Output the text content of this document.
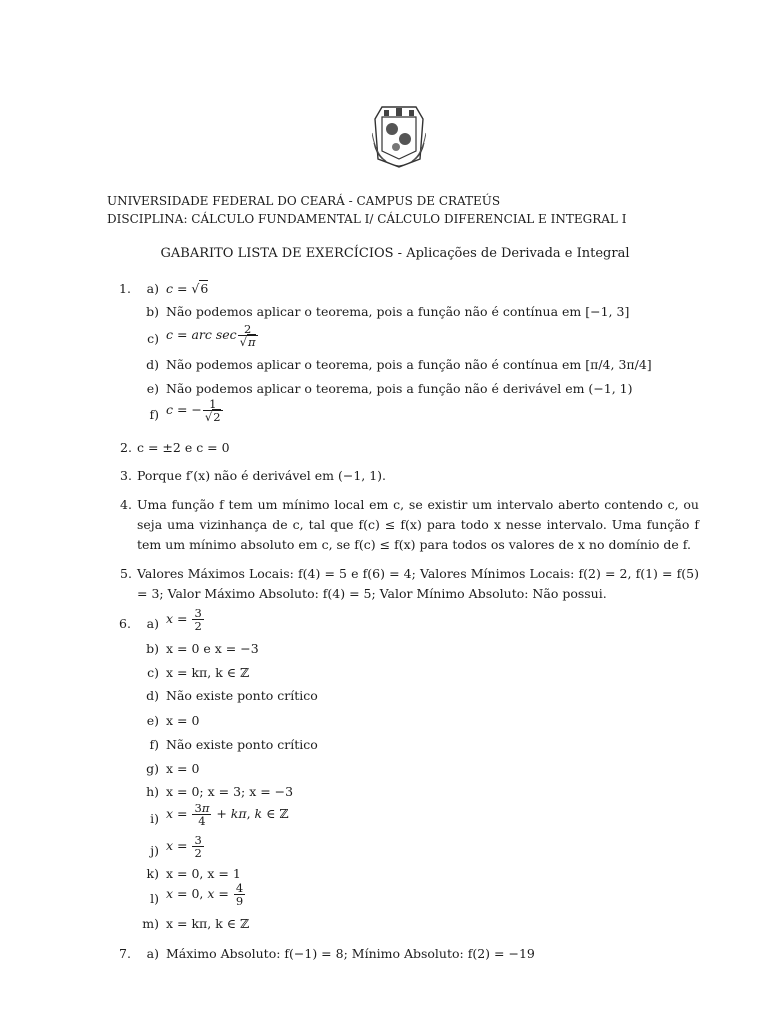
UNIVERSIDADE FEDERAL DO CEARÁ - CAMPUS DE CRATEÚS
DISCIPLINA: CÁLCULO FUNDAMENTAL I/ CÁLCULO DIFERENCIAL E INTEGRAL I
GABARITO LISTA DE EXERCÍCIOS - Aplicações de Derivada e Integral
1.	a) c = √6
b) Não podemos aplicar o teorema, pois a função não é contínua em [−1, 3]
c) c = arc $\sec \frac{2}{√\pi}$
d) Não podemos aplicar o teorema, pois a função não é contínua em [π/4, 3π/4]
e) Não podemos aplicar o teorema, pois a função não é derivável em (−1, 1)
f) c = − $\frac{1}{√2}$
2. c = ±2 e c = 0
3. Porque f′(x) não é derivável em (−1, 1).
4. Uma função f tem um mínimo local em c, se existir um intervalo aberto contendo c, ou seja uma vizinhança de c, tal que f(c) ≤ f(x) para todo x nesse intervalo. Uma função f tem um mínimo absoluto em c, se f(c) ≤ f(x) para todos os valores de x no domínio de f.
5. Valores Máximos Locais: f(4) = 5 e f(6) = 4; Valores Mínimos Locais: f(2) = 2, f(1) = f(5) = 3; Valor Máximo Absoluto: f(4) = 5; Valor Mínimo Absoluto: Não possui.
6.	a) $x = \frac{3}{2}$
b) x = 0 e x = −3
c) x = kπ, k ∈ ℤ
d) Não existe ponto crítico
e) x = 0
f) Não existe ponto crítico
g) x = 0
h) x = 0; x = 3; x = −3
i) $x = \frac{3\pi}{4} + k\pi$, k ∈ ℤ
j) $x = \frac{3}{2}$
k) x = 0, x = 1
l) x = 0, $x = \frac{4}{9}$
m) x = kπ, k ∈ ℤ
7.	a) Máximo Absoluto: f(−1) = 8; Mínimo Absoluto: f(2) = −19
